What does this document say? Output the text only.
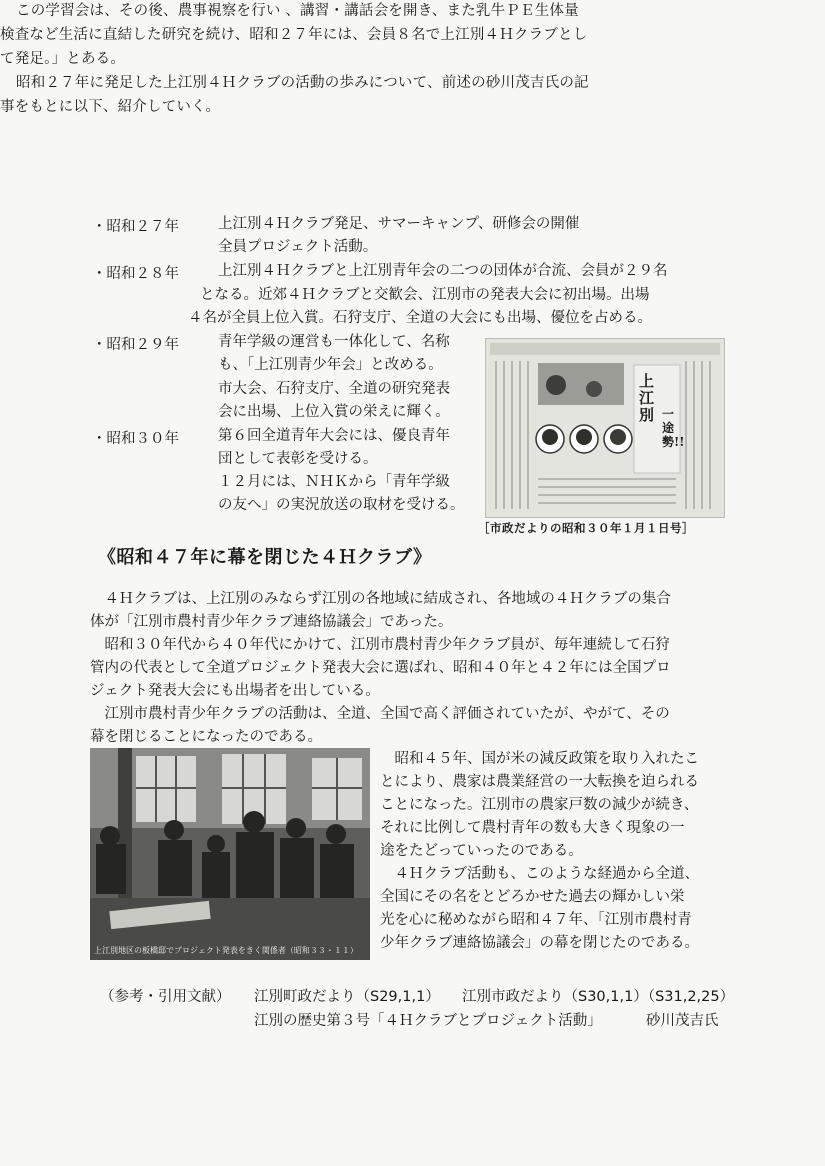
この学習会は、その後、農事視察を行い 、講習・講話会を開き、また乳牛ＰＥ生体量

検査など生活に直結した研究を続け、昭和２７年には、会員８名で上江別４Ｈクラブとし

て発足。」とある。

昭和２７年に発足した上江別４Ｈクラブの活動の歩みについて、前述の砂川茂吉氏の記

事をもとに以下、紹介していく。

・昭和２７年	上江別４Ｈクラブ発足、サマーキャンプ、研修会の開催
全員プロジェクト活動。
・昭和２８年	上江別４Ｈクラブと上江別青年会の二つの団体が合流、会員が２９名
となる。近郊４Ｈクラブと交歓会、江別市の発表大会に初出場。出場
４名が全員上位入賞。石狩支庁、全道の大会にも出場、優位を占める。
・昭和２９年	青年学級の運営も一体化して、名称
も、「上江別青少年会」と改める。
市大会、石狩支庁、全道の研究発表
会に出場、上位入賞の栄えに輝く。
・昭和３０年	第６回全道青年大会には、優良青年
団として表彰を受ける。
１２月には、ＮＨＫから「青年学級
の友へ」の実況放送の取材を受ける。
上江別 一途勢!!
［市政だよりの昭和３０年１月１日号］
《昭和４７年に幕を閉じた４Ｈクラブ》

４Ｈクラブは、上江別のみならず江別の各地域に結成され、各地域の４Ｈクラブの集合

体が「江別市農村青少年クラブ連絡協議会」であった。

昭和３０年代から４０年代にかけて、江別市農村青少年クラブ員が、毎年連続して石狩

管内の代表として全道プロジェクト発表大会に選ばれ、昭和４０年と４２年には全国プロ

ジェクト発表大会にも出場者を出している。

江別市農村青少年クラブの活動は、全道、全国で高く評価されていたが、やがて、その

幕を閉じることになったのである。

上江別地区の板橋邸でプロジェクト発表をきく関係者（昭和３３・１１）

昭和４５年、国が米の減反政策を取り入れたこ

とにより、農家は農業経営の一大転換を迫られる

ことになった。江別市の農家戸数の減少が続き、

それに比例して農村青年の数も大きく現象の一

途をたどっていったのである。

４Ｈクラブ活動も、このような経過から全道、

全国にその名をとどろかせた過去の輝かしい栄

光を心に秘めながら昭和４７年、「江別市農村青

少年クラブ連絡協議会」の幕を閉じたのである。

（参考・引用文献） 江別町政だより（S29,1,1） 江別市政だより（S30,1,1）（S31,2,25）
江別の歴史第３号「４Ｈクラブとプロジェクト活動」	砂川茂吉氏
